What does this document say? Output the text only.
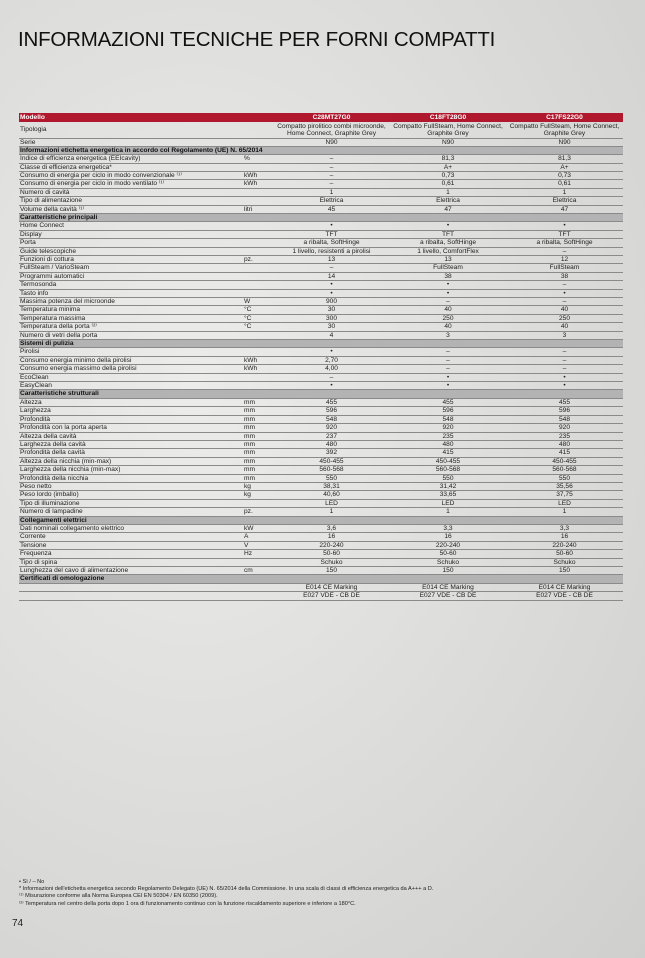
INFORMAZIONI TECNICHE PER FORNI COMPATTI
Modello		C28MT27G0	C18FT28G0	C17FS22G0
Tipologia		Compatto pirolitico combi microonde, Home Connect, Graphite Grey	Compatto FullSteam, Home Connect, Graphite Grey	Compatto FullSteam, Home Connect, Graphite Grey
Serie		N90	N90	N90
Informazioni etichetta energetica in accordo col Regolamento (UE) N. 65/2014				
Indice di efficienza energetica (EEIcavity)	%	–	81,3	81,3
Classe di efficienza energetica*		–	A+	A+
Consumo di energia per ciclo in modo convenzionale ⁽¹⁾	kWh	–	0,73	0,73
Consumo di energia per ciclo in modo ventilato ⁽¹⁾	kWh	–	0,61	0,61
Numero di cavità		1	1	1
Tipo di alimentazione		Elettrica	Elettrica	Elettrica
Volume della cavità ⁽¹⁾	litri	45	47	47
Caratteristiche principali				
Home Connect		•	•	•
Display		TFT	TFT	TFT
Porta		a ribalta, SoftHinge	a ribalta, SoftHinge	a ribalta, SoftHinge
Guide telescopiche		1 livello, resistenti a pirolisi	1 livello, ComfortFlex	–
Funzioni di cottura	pz.	13	13	12
FullSteam / VarioSteam		–	FullSteam	FullSteam
Programmi automatici		14	38	38
Termosonda		•	•	–
Tasto info		•	•	•
Massima potenza del microonde	W	900	–	–
Temperatura minima	°C	30	40	40
Temperatura massima	°C	300	250	250
Temperatura della porta ⁽²⁾	°C	30	40	40
Numero di vetri della porta		4	3	3
Sistemi di pulizia				
Pirolisi		•	–	–
Consumo energia minimo della pirolisi	kWh	2,70	–	–
Consumo energia massimo della pirolisi	kWh	4,00	–	–
EcoClean		–	•	•
EasyClean		•	•	•
Caratteristiche strutturali				
Altezza	mm	455	455	455
Larghezza	mm	596	596	596
Profondità	mm	548	548	548
Profondità con la porta aperta	mm	920	920	920
Altezza della cavità	mm	237	235	235
Larghezza della cavità	mm	480	480	480
Profondità della cavità	mm	392	415	415
Altezza della nicchia (min-max)	mm	450-455	450-455	450-455
Larghezza della nicchia (min-max)	mm	560-568	560-568	560-568
Profondità della nicchia	mm	550	550	550
Peso netto	kg	38,31	31,42	35,56
Peso lordo (imballo)	kg	40,60	33,65	37,75
Tipo di illuminazione		LED	LED	LED
Numero di lampadine	pz.	1	1	1
Collegamenti elettrici				
Dati nominali collegamento elettrico	kW	3,6	3,3	3,3
Corrente	A	16	16	16
Tensione	V	220-240	220-240	220-240
Frequenza	Hz	50-60	50-60	50-60
Tipo di spina		Schuko	Schuko	Schuko
Lunghezza del cavo di alimentazione	cm	150	150	150
Certificati di omologazione				
		E014 CE Marking	E014 CE Marking	E014 CE Marking
		E027 VDE - CB DE	E027 VDE - CB DE	E027 VDE - CB DE

• Sì / – No

* Informazioni dell'etichetta energetica secondo Regolamento Delegato (UE) N. 65/2014 della Commissione. In una scala di classi di efficienza energetica da A+++ a D.

⁽¹⁾ Misurazione conforme alla Norma Europea CEI EN 50304 / EN 60350 (2009).

⁽²⁾ Temperatura nel centro della porta dopo 1 ora di funzionamento continuo con la funzione riscaldamento superiore e inferiore a 180°C.

74
